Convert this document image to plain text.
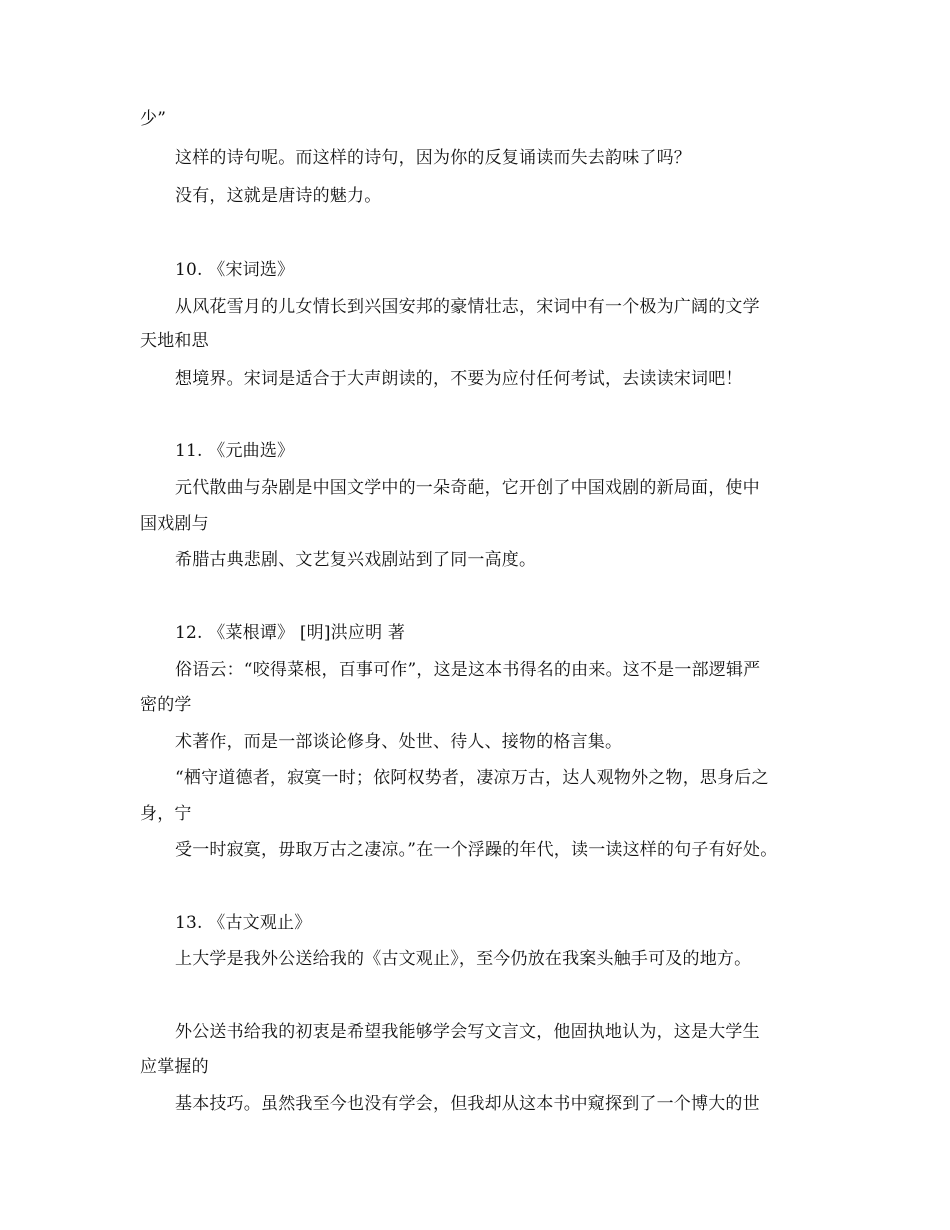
少”
这样的诗句呢。而这样的诗句，因为你的反复诵读而失去韵味了吗？
没有，这就是唐诗的魅力。
10. 《宋词选》
从风花雪月的儿女情长到兴国安邦的豪情壮志，宋词中有一个极为广阔的文学
天地和思
想境界。宋词是适合于大声朗读的，不要为应付任何考试，去读读宋词吧！
11. 《元曲选》
元代散曲与杂剧是中国文学中的一朵奇葩，它开创了中国戏剧的新局面，使中
国戏剧与
希腊古典悲剧、文艺复兴戏剧站到了同一高度。
12. 《菜根谭》 [明]洪应明 著
俗语云：“咬得菜根，百事可作”，这是这本书得名的由来。这不是一部逻辑严
密的学
术著作，而是一部谈论修身、处世、待人、接物的格言集。
“栖守道德者，寂寞一时；依阿权势者，凄凉万古，达人观物外之物，思身后之
身，宁
受一时寂寞，毋取万古之凄凉。”在一个浮躁的年代，读一读这样的句子有好处。
13. 《古文观止》
上大学是我外公送给我的《古文观止》，至今仍放在我案头触手可及的地方。
外公送书给我的初衷是希望我能够学会写文言文，他固执地认为，这是大学生
应掌握的
基本技巧。虽然我至今也没有学会，但我却从这本书中窥探到了一个博大的世
